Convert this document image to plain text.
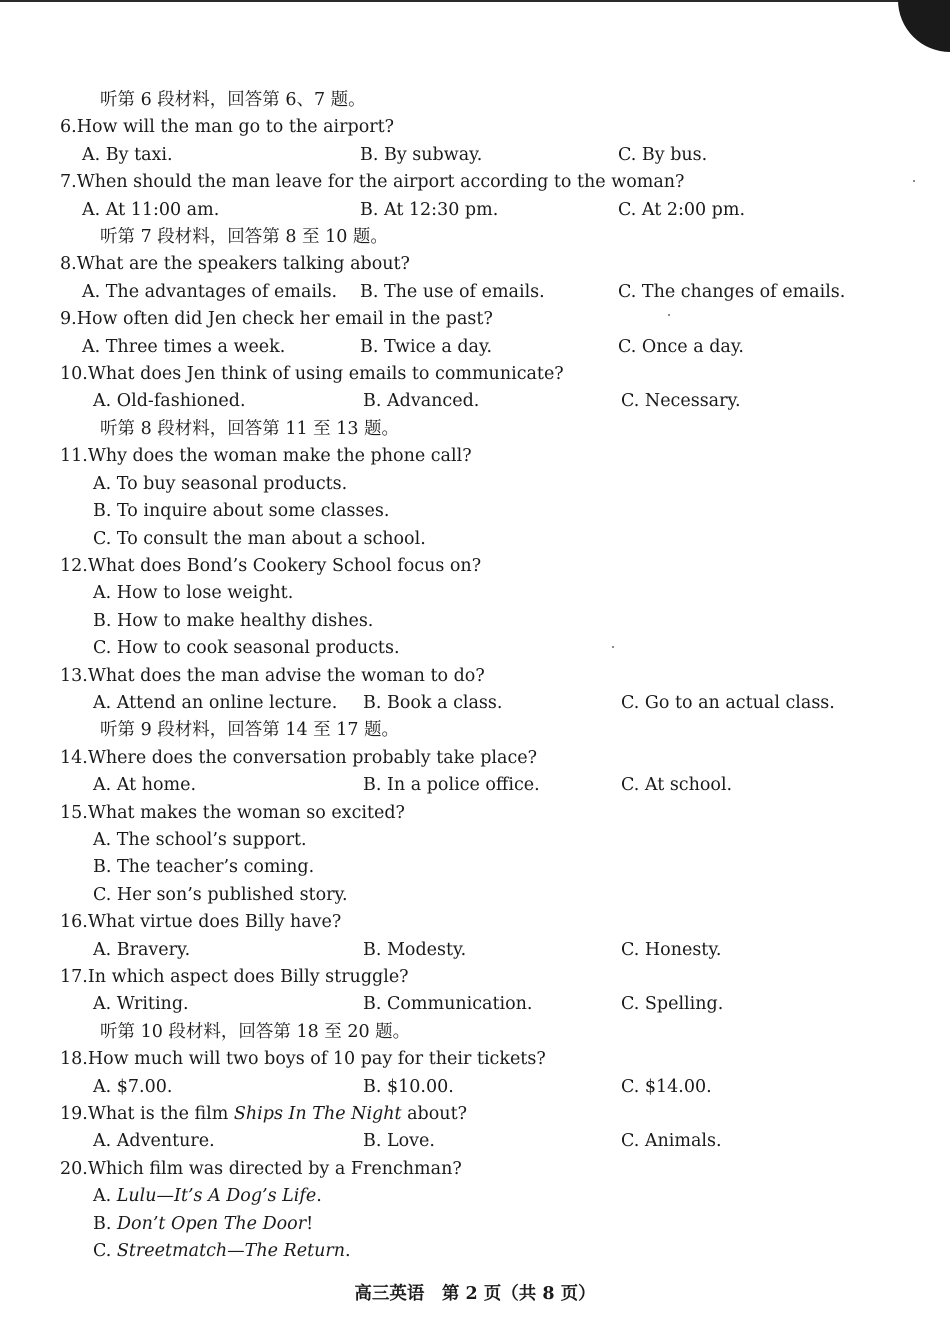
听第 6 段材料，回答第 6、7 题。
6.How will the man go to the airport?
A. By taxi.	B. By subway.	C. By bus.
7.When should the man leave for the airport according to the woman?
A. At 11:00 am.	B. At 12:30 pm.	C. At 2:00 pm.
听第 7 段材料，回答第 8 至 10 题。
8.What are the speakers talking about?
A. The advantages of emails.	B. The use of emails.	C. The changes of emails.
9.How often did Jen check her email in the past?
A. Three times a week.	B. Twice a day.	C. Once a day.
10.What does Jen think of using emails to communicate?
A. Old-fashioned.	B. Advanced.	C. Necessary.
听第 8 段材料，回答第 11 至 13 题。
11.Why does the woman make the phone call?
A. To buy seasonal products.
B. To inquire about some classes.
C. To consult the man about a school.
12.What does Bond’s Cookery School focus on?
A. How to lose weight.
B. How to make healthy dishes.
C. How to cook seasonal products.
13.What does the man advise the woman to do?
A. Attend an online lecture.	B. Book a class.	C. Go to an actual class.
听第 9 段材料，回答第 14 至 17 题。
14.Where does the conversation probably take place?
A. At home.	B. In a police office.	C. At school.
15.What makes the woman so excited?
A. The school’s support.
B. The teacher’s coming.
C. Her son’s published story.
16.What virtue does Billy have?
A. Bravery.	B. Modesty.	C. Honesty.
17.In which aspect does Billy struggle?
A. Writing.	B. Communication.	C. Spelling.
听第 10 段材料，回答第 18 至 20 题。
18.How much will two boys of 10 pay for their tickets?
A. $7.00.	B. $10.00.	C. $14.00.
19.What is the film Ships In The Night about?
A. Adventure.	B. Love.	C. Animals.
20.Which film was directed by a Frenchman?
A. Lulu—It’s A Dog’s Life.
B. Don’t Open The Door!
C. Streetmatch—The Return.
高三英语　第 2 页（共 8 页）
